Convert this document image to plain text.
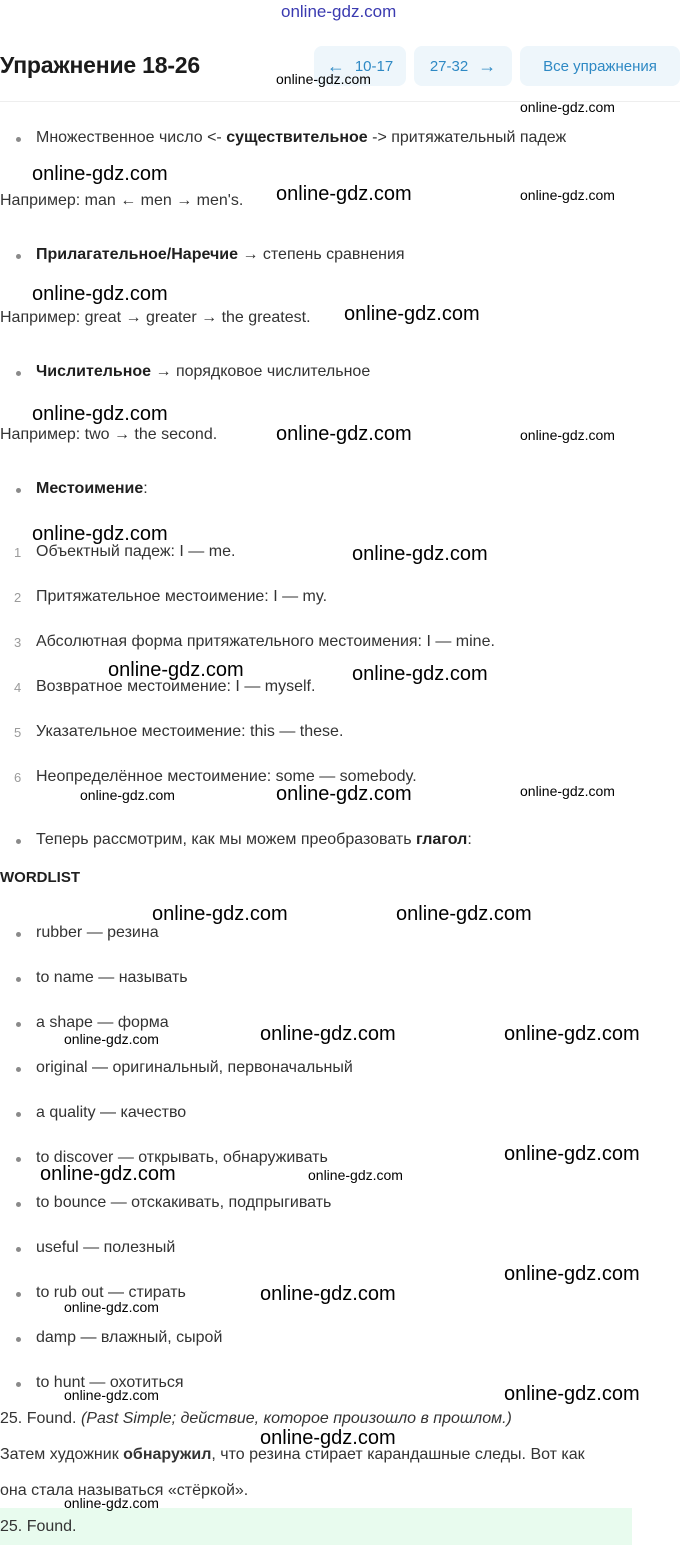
Упражнение 18-26	← 10-17 27-32 →	Все упражнения
Множественное число <- существительное -> притяжательный падеж
Например: man ← men → men's.
Прилагательное/Наречие → степень сравнения
Например: great → greater → the greatest.
Числительное → порядковое числительное
Например: two → the second.
Местоимение:
1 Объектный падеж: I — me.
2 Притяжательное местоимение: I — my.
3 Абсолютная форма притяжательного местоимения: I — mine.
4 Возвратное местоимение: I — myself.
5 Указательное местоимение: this — these.
6 Неопределённое местоимение: some — somebody.
Теперь рассмотрим, как мы можем преобразовать глагол:
WORDLIST
rubber — резина
to name — называть
a shape — форма
original — оригинальный, первоначальный
a quality — качество
to discover — открывать, обнаруживать
to bounce — отскакивать, подпрыгивать
useful — полезный
to rub out — стирать
damp — влажный, сырой
to hunt — охотиться
25. Found. (Past Simple; действие, которое произошло в прошлом.)
Затем художник обнаружил, что резина стирает карандашные следы. Вот как
она стала называться «стёркой».
25. Found.
online-gdz.com
online-gdz.com
online-gdz.com
online-gdz.com
online-gdz.com	online-gdz.com
online-gdz.com
online-gdz.com
online-gdz.com
online-gdz.com	online-gdz.com
online-gdz.com
online-gdz.com
online-gdz.com	online-gdz.com
online-gdz.com	online-gdz.com	online-gdz.com
online-gdz.com	online-gdz.com
online-gdz.com	online-gdz.com	online-gdz.com
online-gdz.com	online-gdz.com
online-gdz.com
online-gdz.com
online-gdz.com
online-gdz.com
online-gdz.com	online-gdz.com
online-gdz.com
online-gdz.com
